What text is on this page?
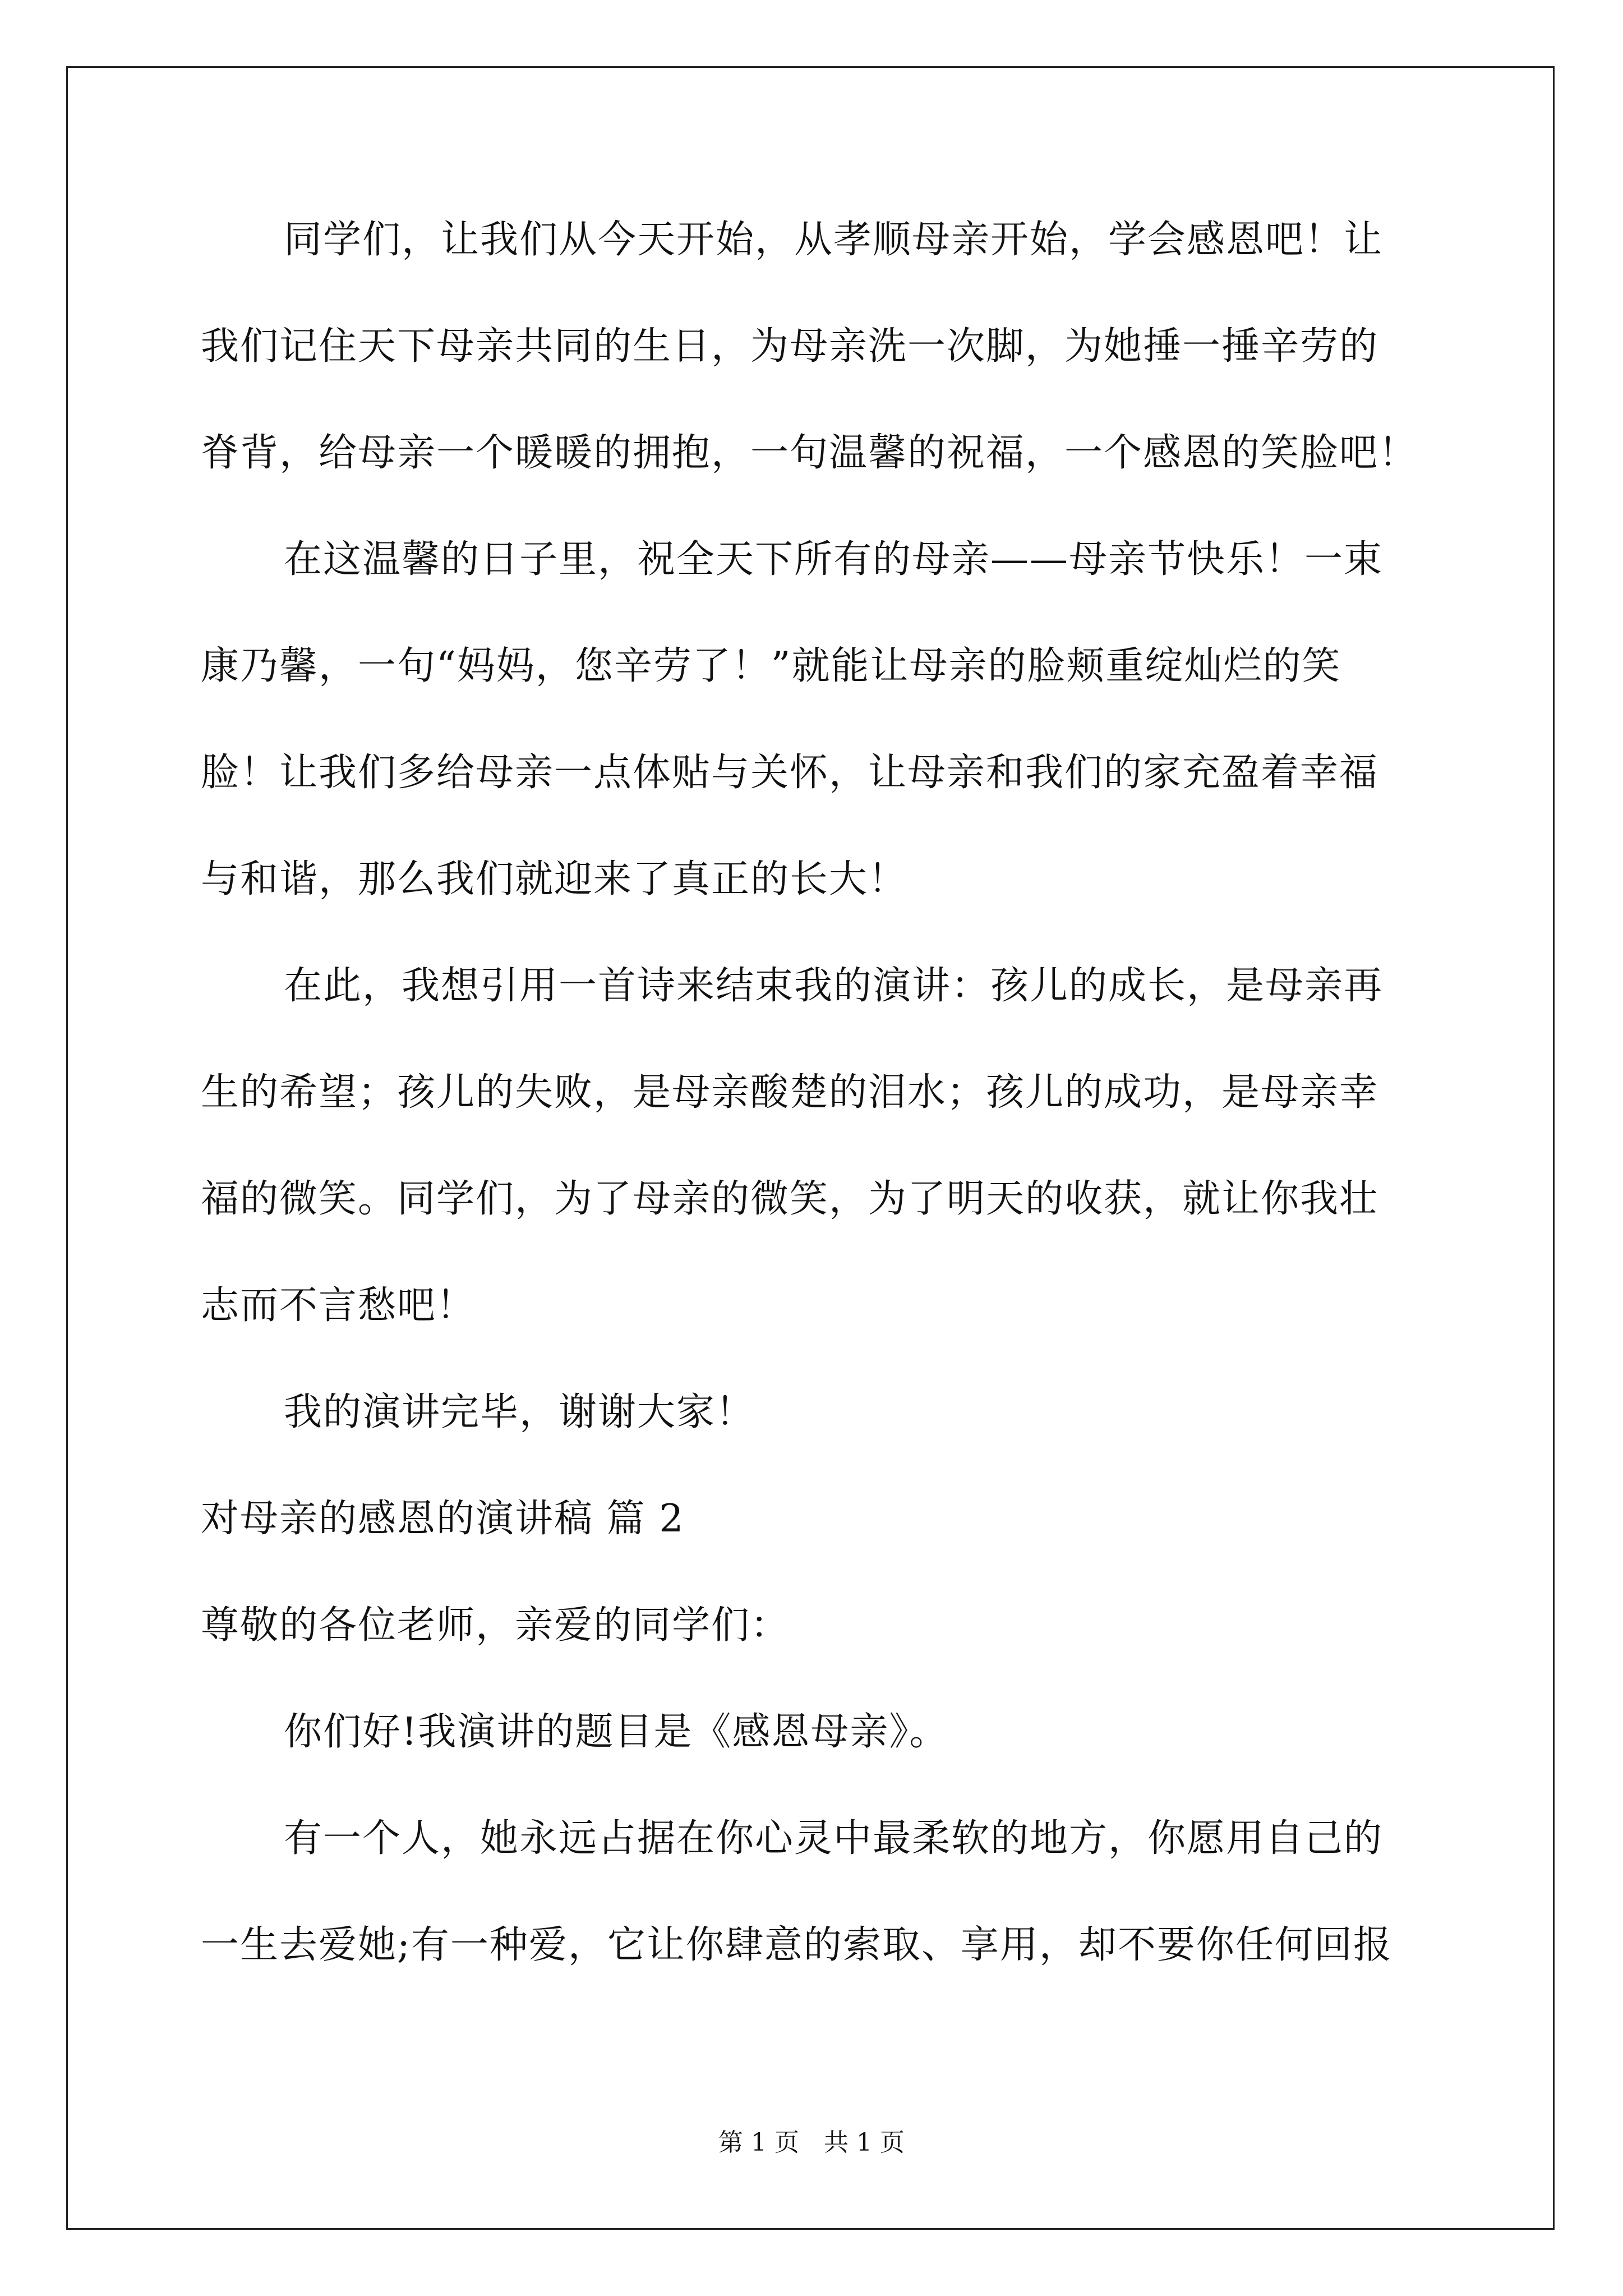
同学们，让我们从今天开始，从孝顺母亲开始，学会感恩吧！让
我们记住天下母亲共同的生日，为母亲洗一次脚，为她捶一捶辛劳的
脊背，给母亲一个暖暖的拥抱，一句温馨的祝福，一个感恩的笑脸吧！
在这温馨的日子里，祝全天下所有的母亲——母亲节快乐！一束
康乃馨，一句“妈妈，您辛劳了！”就能让母亲的脸颊重绽灿烂的笑
脸！让我们多给母亲一点体贴与关怀，让母亲和我们的家充盈着幸福
与和谐，那么我们就迎来了真正的长大！
在此，我想引用一首诗来结束我的演讲：孩儿的成长，是母亲再
生的希望；孩儿的失败，是母亲酸楚的泪水；孩儿的成功，是母亲幸
福的微笑。同学们，为了母亲的微笑，为了明天的收获，就让你我壮
志而不言愁吧！
我的演讲完毕，谢谢大家！
对母亲的感恩的演讲稿 篇 2
尊敬的各位老师，亲爱的同学们：
你们好!我演讲的题目是《感恩母亲》。
有一个人，她永远占据在你心灵中最柔软的地方，你愿用自己的
一生去爱她;有一种爱，它让你肆意的索取、享用，却不要你任何回报
第 1 页　共 1 页
